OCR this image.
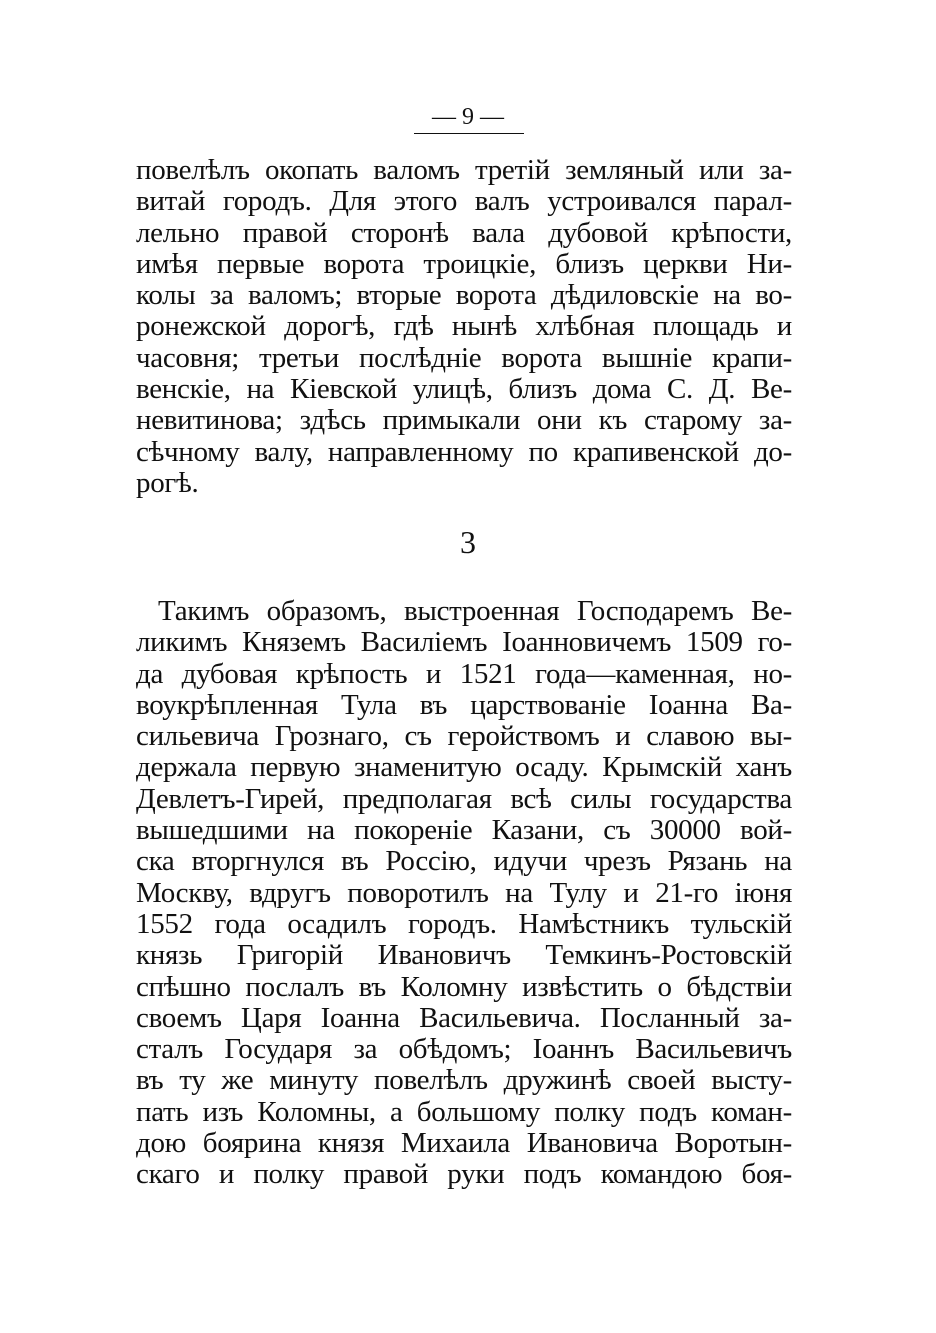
— 9 —
повелѣлъ окопать валомъ третій земляный или за-
витай городъ. Для этого валъ устроивался парал-
лельно правой сторонѣ вала дубовой крѣпости,
имѣя первые ворота троицкіе, близъ церкви Ни-
колы за валомъ; вторые ворота дѣдиловскіе на во-
ронежской дорогѣ, гдѣ нынѣ хлѣбная площадь и
часовня; третьи послѣдніе ворота вышніе крапи-
венскіе, на Кіевской улицѣ, близъ дома С. Д. Ве-
невитинова; здѣсь примыкали они къ старому за-
сѣчному валу, направленному по крапивенской до-
рогѣ.
3
Такимъ образомъ, выстроенная Господаремъ Ве-
ликимъ Княземъ Василіемъ Іоанновичемъ 1509 го-
да дубовая крѣпость и 1521 года—каменная, но-
воукрѣпленная Тула въ царствованіе Іоанна Ва-
сильевича Грознаго, съ геройствомъ и славою вы-
держала первую знаменитую осаду. Крымскій ханъ
Девлетъ-Гирей, предполагая всѣ силы государства
вышедшими на покореніе Казани, съ 30000 вой-
ска вторгнулся въ Россію, идучи чрезъ Рязань на
Москву, вдругъ поворотилъ на Тулу и 21-го іюня
1552 года осадилъ городъ. Намѣстникъ тульскій
князь Григорій Ивановичъ Темкинъ-Ростовскій
спѣшно послалъ въ Коломну извѣстить о бѣдствіи
своемъ Царя Іоанна Васильевича. Посланный за-
сталъ Государя за обѣдомъ; Іоаннъ Васильевичъ
въ ту же минуту повелѣлъ дружинѣ своей высту-
пать изъ Коломны, а большому полку подъ коман-
дою боярина князя Михаила Ивановича Воротын-
скаго и полку правой руки подъ командою боя-
